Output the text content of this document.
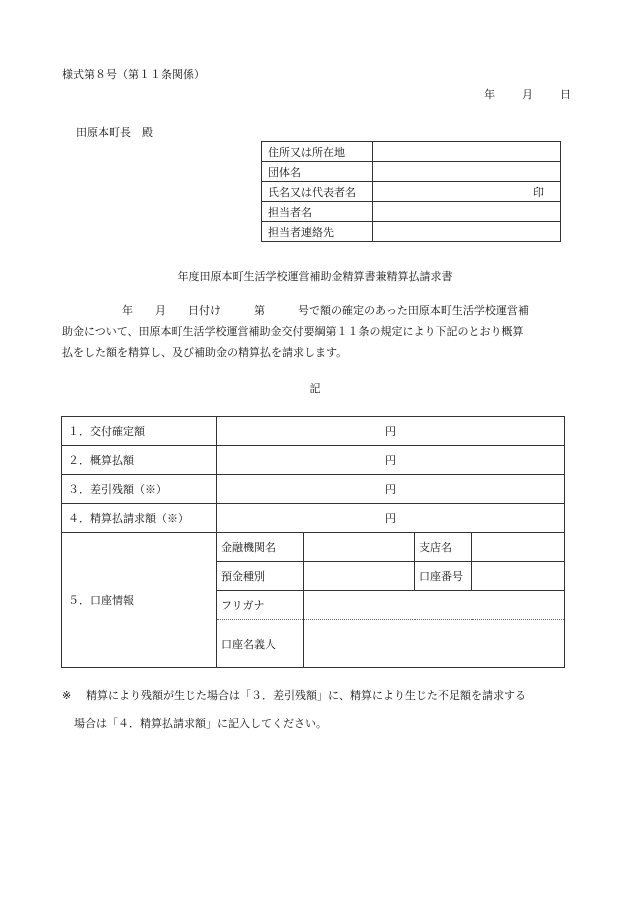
様式第８号（第１１条関係）
年 月 日
田原本町長　殿
住所又は所在地	
団体名	
氏名又は代表者名	印

担当者名	
担当者連絡先	
年度田原本町生活学校運営補助金精算書兼精算払請求書

年　　月　　日付け　　　第　　　号で額の確定のあった田原本町生活学校運営補

助金について、田原本町生活学校運営補助金交付要綱第１１条の規定により下記のとおり概算

払をした額を精算し、及び補助金の精算払を請求します。

記
１．交付確定額	円			
２．概算払額	円			
３．差引残額（※）	円			
４．精算払請求額（※）	円			
５．口座情報	金融機関名		支店名	
	預金種別		口座番号	
	フリガナ			
	口座名義人			

※ 精算により残額が生じた場合は「３．差引残額」に、精算により生じた不足額を請求する

場合は「４．精算払請求額」に記入してください。
